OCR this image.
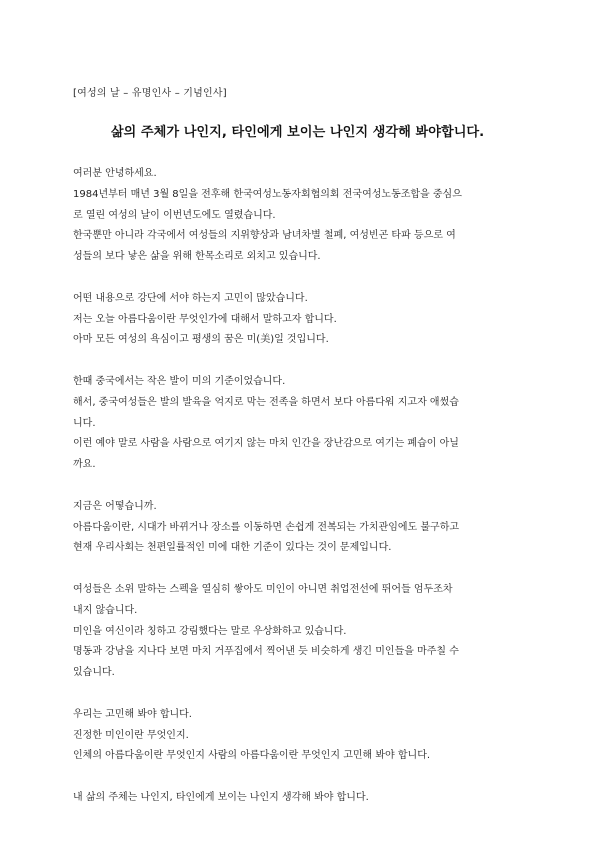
[여성의 날 – 유명인사 – 기념인사]
삶의 주체가 나인지, 타인에게 보이는 나인지 생각해 봐야합니다.
여러분 안녕하세요.
1984년부터 매년 3월 8일을 전후해 한국여성노동자회협의회 전국여성노동조합을 중심으
로 열린 여성의 날이 이번년도에도 열렸습니다.
한국뿐만 아니라 각국에서 여성들의 지위향상과 남녀차별 철폐, 여성빈곤 타파 등으로 여
성들의 보다 낳은 삶을 위해 한목소리로 외치고 있습니다.
어떤 내용으로 강단에 서야 하는지 고민이 많았습니다.
저는 오늘 아름다움이란 무엇인가에 대해서 말하고자 합니다.
아마 모든 여성의 욕심이고 평생의 꿈은 미(美)일 것입니다.
한때 중국에서는 작은 발이 미의 기준이었습니다.
해서, 중국여성들은 발의 발육을 억지로 막는 전족을 하면서 보다 아름다워 지고자 애썼습
니다.
이런 예야 말로 사람을 사람으로 여기지 않는 마치 인간을 장난감으로 여기는 폐습이 아닐
까요.
지금은 어떻습니까.
아름다움이란, 시대가 바뀌거나 장소를 이동하면 손쉽게 전복되는 가치관임에도 불구하고
현재 우리사회는 천편일률적인 미에 대한 기준이 있다는 것이 문제입니다.
여성들은 소위 말하는 스펙을 열심히 쌓아도 미인이 아니면 취업전선에 뛰어들 엄두조차
내지 않습니다.
미인을 여신이라 칭하고 강림했다는 말로 우상화하고 있습니다.
명동과 강남을 지나다 보면 마치 거푸집에서 찍어낸 듯 비슷하게 생긴 미인들을 마주칠 수
있습니다.
우리는 고민해 봐야 합니다.
진정한 미인이란 무엇인지.
인체의 아름다움이란 무엇인지 사람의 아름다움이란 무엇인지 고민해 봐야 합니다.
내 삶의 주체는 나인지, 타인에게 보이는 나인지 생각해 봐야 합니다.
